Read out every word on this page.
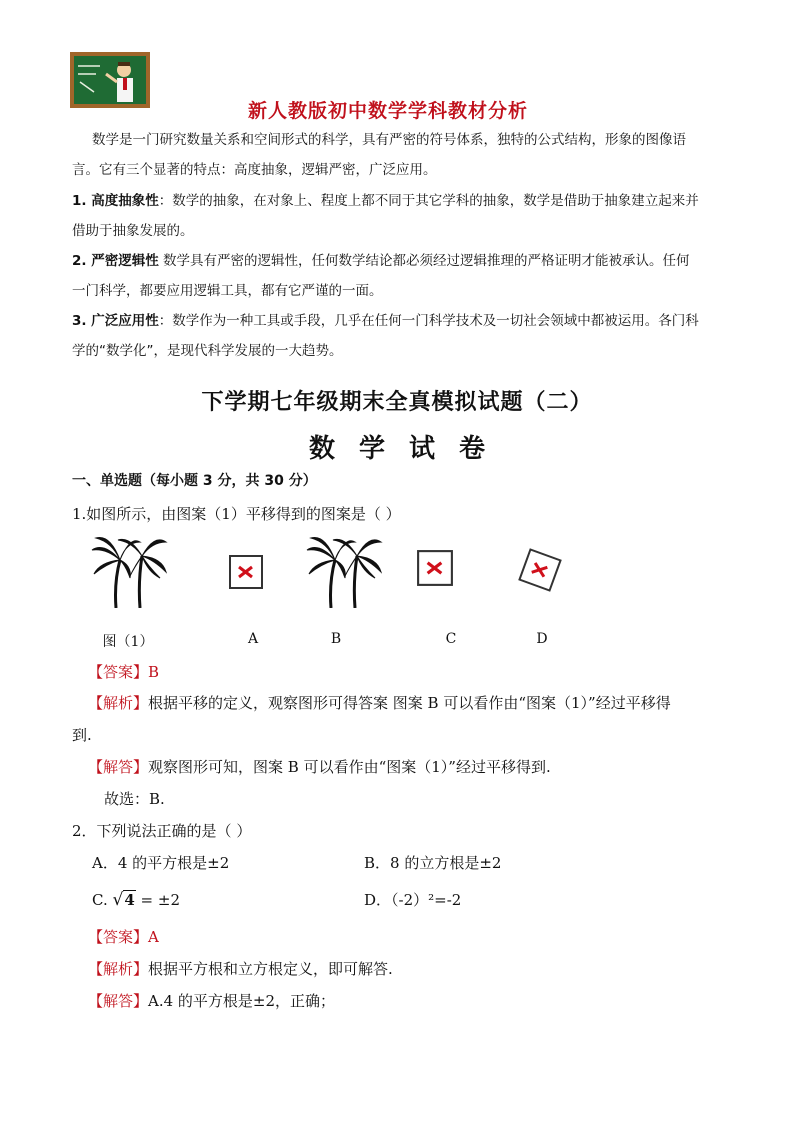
新人教版初中数学学科教材分析
数学是一门研究数量关系和空间形式的科学，具有严密的符号体系，独特的公式结构，形象的图像语
言。它有三个显著的特点：高度抽象，逻辑严密，广泛应用。
1. 高度抽象性：数学的抽象，在对象上、程度上都不同于其它学科的抽象，数学是借助于抽象建立起来并
借助于抽象发展的。
2. 严密逻辑性 数学具有严密的逻辑性，任何数学结论都必须经过逻辑推理的严格证明才能被承认。任何
一门科学，都要应用逻辑工具，都有它严谨的一面。
3. 广泛应用性：数学作为一种工具或手段，几乎在任何一门科学技术及一切社会领域中都被运用。各门科
学的“数学化”，是现代科学发展的一大趋势。
下学期七年级期末全真模拟试题（二）
数学试卷
一、单选题（每小题 3 分，共 30 分）
1.如图所示，由图案（1）平移得到的图案是（ ）
图（1）	A	B	C	D
【答案】B
【解析】根据平移的定义，观察图形可得答案 图案 B 可以看作由“图案（1）”经过平移得
到.
【解答】观察图形可知，图案 B 可以看作由“图案（1）”经过平移得到.
故选：B.
2．下列说法正确的是（ ）
A．4 的平方根是±2	B．8 的立方根是±2
C. √4 = ±2	D．（-2）²=-2
【答案】A
【解析】根据平方根和立方根定义，即可解答.
【解答】A.4 的平方根是±2，正确；
